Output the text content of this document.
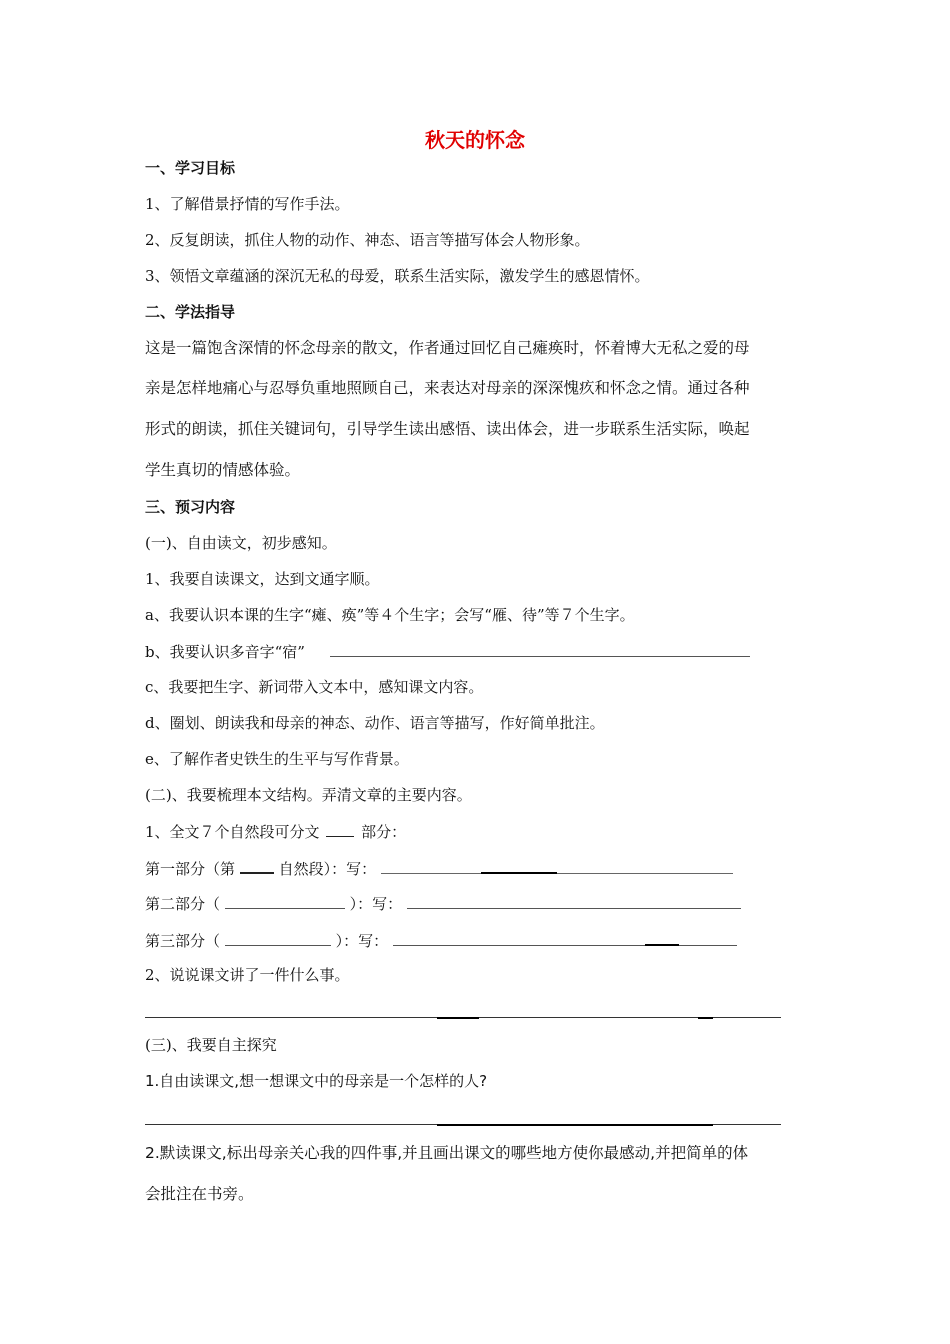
秋天的怀念
一、学习目标
1、了解借景抒情的写作手法。
2、反复朗读，抓住人物的动作、神态、语言等描写体会人物形象。
3、领悟文章蕴涵的深沉无私的母爱，联系生活实际，激发学生的感恩情怀。
二、学法指导
这是一篇饱含深情的怀念母亲的散文，作者通过回忆自己瘫痪时，怀着博大无私之爱的母
亲是怎样地痛心与忍辱负重地照顾自己，来表达对母亲的深深愧疚和怀念之情。通过各种
形式的朗读，抓住关键词句，引导学生读出感悟、读出体会，进一步联系生活实际，唤起
学生真切的情感体验。
三、预习内容
(一)、自由读文，初步感知。
1、我要自读课文，达到文通字顺。
a、我要认识本课的生字“瘫、痪”等４个生字；会写“雁、待”等７个生字。
b、我要认识多音字“宿”
c、我要把生字、新词带入文本中，感知课文内容。
d、圈划、朗读我和母亲的神态、动作、语言等描写，作好简单批注。
e、了解作者史铁生的生平与写作背景。
(二)、我要梳理本文结构。弄清文章的主要内容。
1、全文７个自然段可分文	部分：
第一部分（第	自然段）：写：
第二部分（	）：写：
第三部分（	）：写：
2、说说课文讲了一件什么事。
(三)、我要自主探究
1.自由读课文,想一想课文中的母亲是一个怎样的人?
2.默读课文,标出母亲关心我的四件事,并且画出课文的哪些地方使你最感动,并把简单的体
会批注在书旁。
